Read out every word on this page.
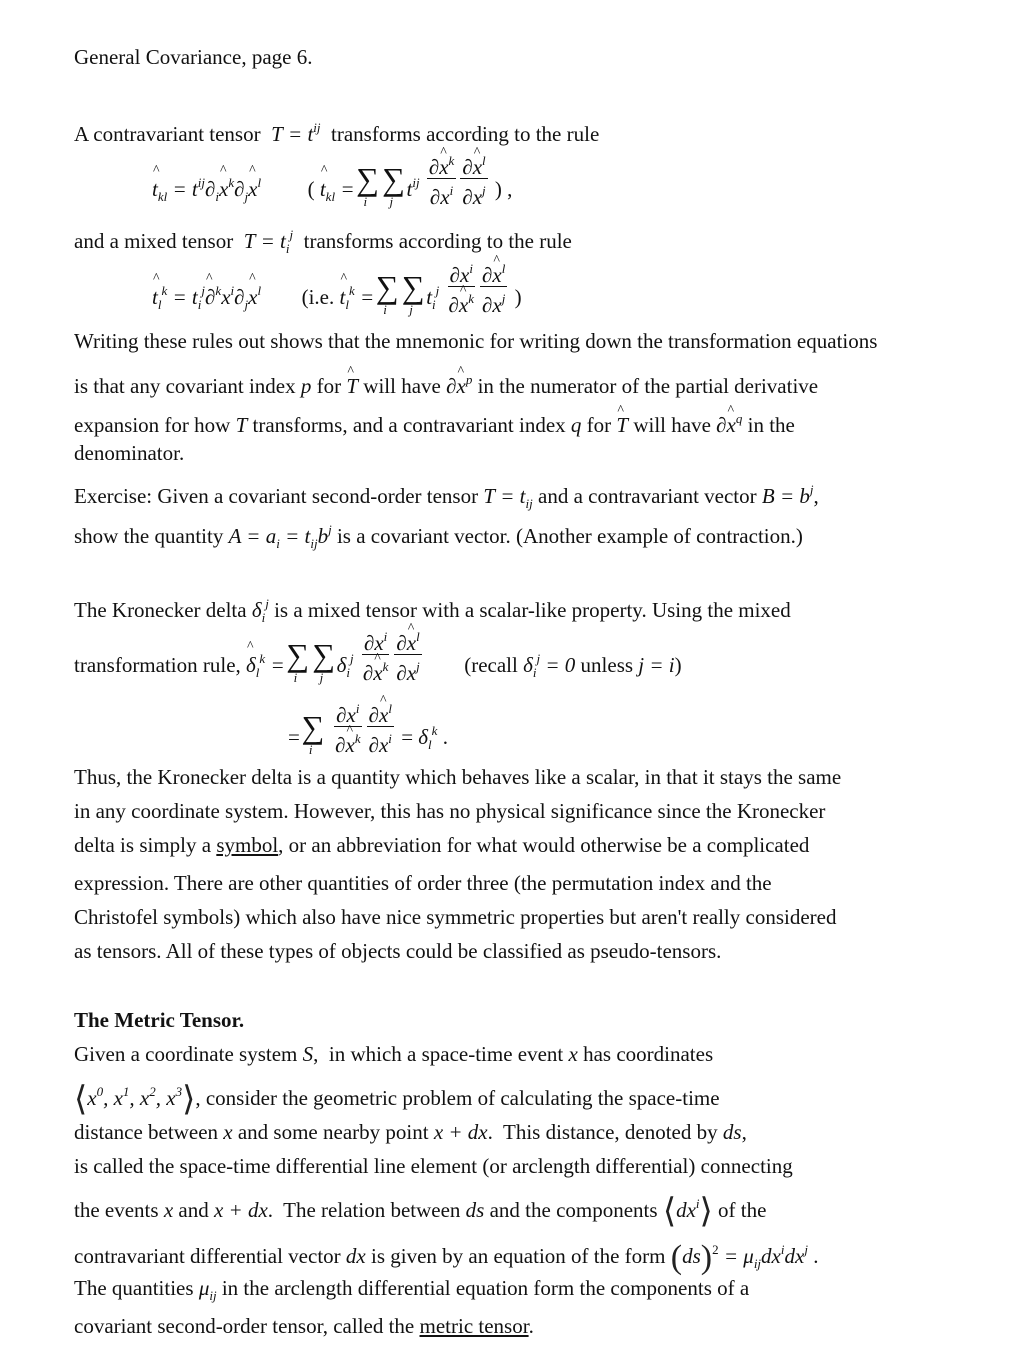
General Covariance, page 6.
A contravariant tensor  $T = t^{ij}$ transforms according to the rule
^ $t_{kl}$ = $t^{ij}\partial_i\^{}$ $x^k\partial_j\^{}$ $x^l$ ( ^ $t_{kl}$ =∑
i
∑
j
$t^{ij} \frac{\partial\^{} x^k}{\partial x^i} \frac{\partial\^{} x^l}{\partial x^j}$ ) ,
and a mixed tensor  $T = t_i^j$ transforms according to the rule
^ $t_l^k$ = $t_i^j\^{}$ $\partial^kx^i\partial_j\^{}$ $x^l$ (i.e. ^ $t_l^k$ =∑
i
∑
j
$t_i^j \frac{\partial x^i}{\partial\^{} x^k} \frac{\partial\^{} x^l}{\partial x^j}$ )
Writing these rules out shows that the mnemonic for writing down the transformation equations
is that any covariant index p for ^ T will have ∂^ $x^p$ in the numerator of the partial derivative
expansion for how T transforms, and a contravariant index q for ^ T will have ∂^ $x^q$ in the
denominator.
Exercise: Given a covariant second-order tensor $T = t_{ij}$ and a contravariant vector $B = b^j$,
show the quantity $A = a_i = t_{ij}b^j$ is a covariant vector. (Another example of contraction.)
The Kronecker delta $\delta_i^j$ is a mixed tensor with a scalar-like property. Using the mixed
transformation rule, ^ $\delta_l^k$ =∑
i
∑
j
$\delta_i^j \frac{\partial x^i}{\partial\^{} x^k} \frac{\partial\^{} x^l}{\partial x^j}$ (recall $\delta_i^j = 0$ unless j = i)
=∑
i
$\frac{\partial x^i}{\partial\^{} x^k} \frac{\partial\^{} x^l}{\partial x^i} = \delta_l^k$ .
Thus, the Kronecker delta is a quantity which behaves like a scalar, in that it stays the same
in any coordinate system. However, this has no physical significance since the Kronecker
delta is simply a symbol, or an abbreviation for what would otherwise be a complicated
expression. There are other quantities of order three (the permutation index and the
Christofel symbols) which also have nice symmetric properties but aren't really considered
as tensors. All of these types of objects could be classified as pseudo-tensors.
The Metric Tensor.
Given a coordinate system S,  in which a space-time event x has coordinates
$⟨x^0$, $x^1$, $x^2$, $x^3⟩$, consider the geometric problem of calculating the space-time
distance between x and some nearby point x + dx.  This distance, denoted by ds,
is called the space-time differential line element (or arclength differential) connecting
the events x and x + dx.  The relation between ds and the components $⟨dx^i⟩$ of the
contravariant differential vector dx is given by an equation of the form $(ds)^2 = \mu_{ij}dx^idx^j$ .
The quantities $\mu_{ij}$ in the arclength differential equation form the components of a
covariant second-order tensor, called the metric tensor.
